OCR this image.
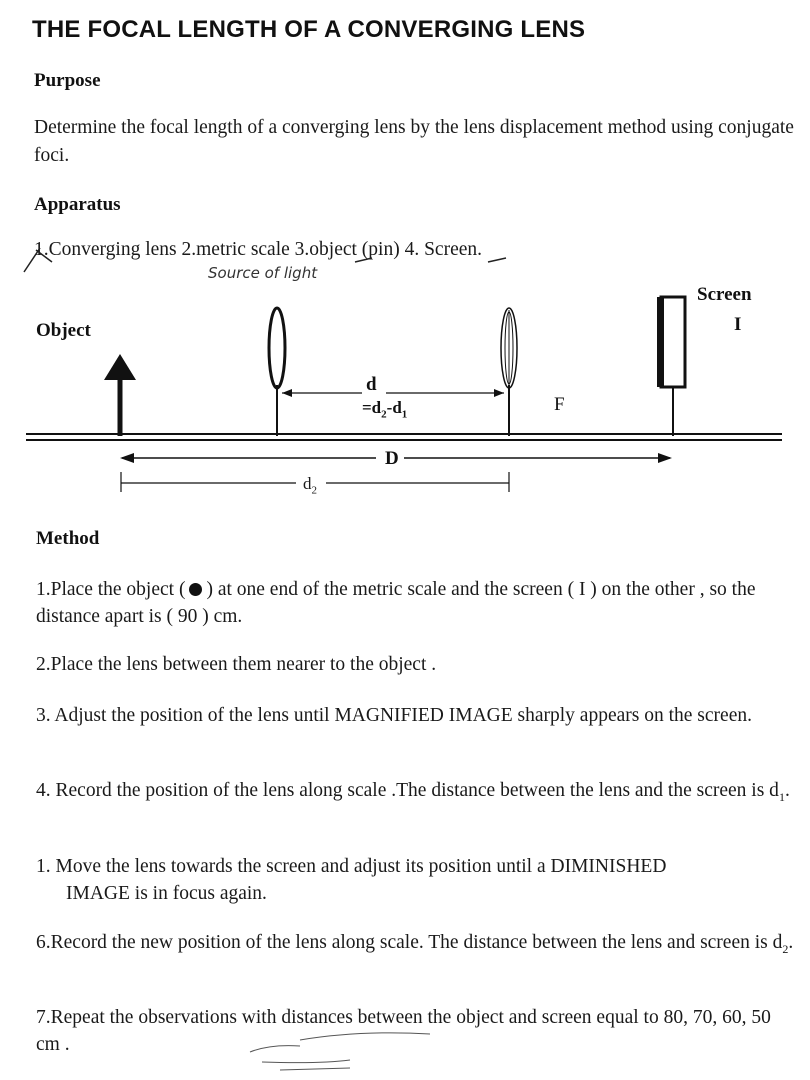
THE FOCAL LENGTH OF A CONVERGING LENS
Purpose
Determine the focal length of a converging lens by the lens displacement method using conjugate foci.
Apparatus
1.Converging lens 2.metric scale 3.object (pin) 4. Screen.
Source of light
Object
Screen
I
d
$=d_2-d_1$	F
D
$d_2$
Method
1.Place the object ( ) at one end of the metric scale and the screen ( I ) on the other , so the distance apart is ( 90 ) cm.
2.Place the lens between them nearer to the object .
3. Adjust the position of the lens until MAGNIFIED IMAGE sharply appears on the screen.
4. Record the position of the lens along scale .The distance between the lens and the screen is $d_1$.
1. Move the lens towards the screen and adjust its position until a DIMINISHED
IMAGE is in focus again.
6.Record the new position of the lens along scale. The distance between the lens and screen is $d_2$.
7.Repeat the observations with distances between the object and screen equal to 80, 70, 60, 50 cm .
